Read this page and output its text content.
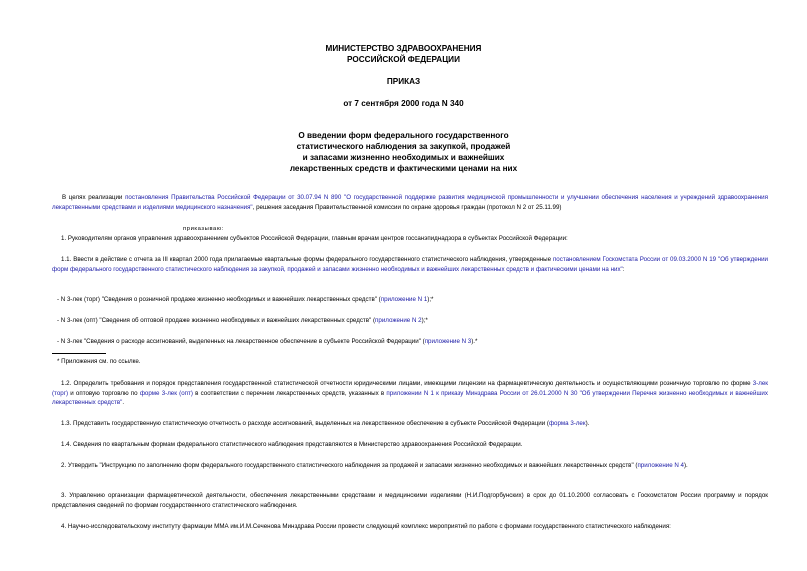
МИНИСТЕРСТВО ЗДРАВООХРАНЕНИЯ
РОССИЙСКОЙ ФЕДЕРАЦИИ
ПРИКАЗ
от 7 сентября 2000 года N 340
О введении форм федерального государственного
статистического наблюдения за закупкой, продажей
и запасами жизненно необходимых и важнейших
лекарственных средств и фактическими ценами на них
В целях реализации постановления Правительства Российской Федерации от 30.07.94 N 890 "О государственной поддержке развития медицинской промышленности и улучшении обеспечения населения и учреждений здравоохранения лекарственными средствами и изделиями медицинского назначения", решения заседания Правительственной комиссии по охране здоровья граждан (протокол N 2 от 25.11.99)
приказываю:
1. Руководителям органов управления здравоохранением субъектов Российской Федерации, главным врачам центров госсанэпиднадзора в субъектах Российской Федерации:
1.1. Ввести в действие с отчета за III квартал 2000 года прилагаемые квартальные формы федерального государственного статистического наблюдения, утвержденные постановлением Госкомстата России от 09.03.2000 N 19 "Об утверждении форм федерального государственного статистического наблюдения за закупкой, продажей и запасами жизненно необходимых и важнейших лекарственных средств и фактическими ценами на них":
- N 3-лек (торг) "Сведения о розничной продаже жизненно необходимых и важнейших лекарственных средств" (приложение N 1);*
- N 3-лек (опт) "Сведения об оптовой продаже жизненно необходимых и важнейших лекарственных средств" (приложение N 2);*
- N 3-лек "Сведения о расходе ассигнований, выделенных на лекарственное обеспечение в субъекте Российской Федерации" (приложение N 3).*
* Приложения см. по ссылке.
1.2. Определить требования и порядок представления государственной статистической отчетности юридическими лицами, имеющими лицензии на фармацевтическую деятельность и осуществляющими розничную торговлю по форме 3-лек (торг) и оптовую торговлю по форме 3-лек (опт) в соответствии с перечнем лекарственных средств, указанных в приложении N 1 к приказу Минздрава России от 26.01.2000 N 30 "Об утверждении Перечня жизненно необходимых и важнейших лекарственных средств".
1.3. Представить государственную статистическую отчетность о расходе ассигнований, выделенных на лекарственное обеспечение в субъекте Российской Федерации (форма 3-лек).
1.4. Сведения по квартальным формам федерального статистического наблюдения представляются в Министерство здравоохранения Российской Федерации.
2. Утвердить "Инструкцию по заполнению форм федерального государственного статистического наблюдения за продажей и запасами жизненно необходимых и важнейших лекарственных средств" (приложение N 4).
3. Управлению организации фармацевтической деятельности, обеспечения лекарственными средствами и медицинскими изделиями (Н.И.Подгорбунских) в срок до 01.10.2000 согласовать с Госкомстатом России программу и порядок представления сведений по формам государственного статистического наблюдения.
4. Научно-исследовательскому институту фармации ММА им.И.М.Сеченова Минздрава России провести следующий комплекс мероприятий по работе с формами государственного статистического наблюдения:
